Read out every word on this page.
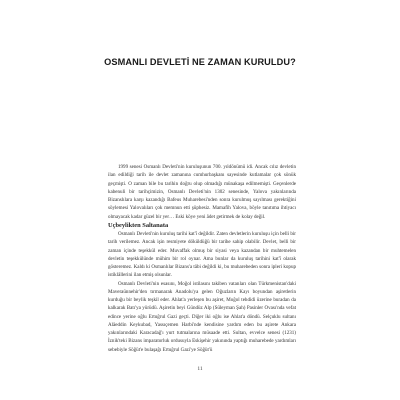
OSMANLI DEVLETİ NE ZAMAN KURULDU?

1999 senesi Osmanlı Devleti'nin kuruluşunun 700. yıldönümü idi. Ancak cılız devletin ilan edildiği tarih ile devlet zamanına cumhurbaşkanı sayesinde kutlamalar çok sönük geçmişti. O zaman bile bu tarihin doğru olup olmadığı münakaşa edilmemişti. Geçenlerde kabenuli bir tarihçimizin, Osmanlı Devleti'nin 1302 senesinde, Yalova yakınlarında Bizanslılara karşı kazandığı Bafeus Muharebesi'nden sonra kurulmuş sayılması gerektiğini söylemesi Yalovalıları çok memnun etti şüphesiz. Mamafih Yalova, böyle tanıtıma ihtiyacı olmayacak kadar güzel bir yer… Eski köye yeni âdet getirmek de kolay değil.

Uçbeylikten Saltanata

Osmanlı Devleti'nin kuruluş tarihi kat'î değildir. Zaten devletlerin kuruluşu için belli bir tarih verilemez. Ancak işin resmiyete döküldüğü bir tarihe sahip olabilir. Devlet, belli bir zaman içinde teşekkül eder. Muvaffak olmuş bir siyasi veya kazandan bir muhtemelen devletin teşekkülünde mühim bir rol oynar. Ama bunlar da kuruluş tarihini kat'î olarak gösteremez. Kaldı ki Osmanlılar Bizans'a tâbi değildi ki, bu muharebeden sonra ipleri kopup istiklâllerini ilan etmiş olsunlar.

Osmanlı Devleti'nin esasını, Moğol istilasını takiben vatanları olan Türkmenistan'daki Maveraünnehir'den tırmanarak Anadolu'ya gelen Oğuzların Kayı boyundan aşiretlerin kurduğu bir beylik teşkil eder. Ahlat'a yerleşen bu aşiret, Moğol tehdidi üzerine buradan da kalkarak Batı'ya yürüdü. Aşiretin beyi Gündüz Alp (Süleyman Şah) Pasinler Ovası'nda vefat edince yerine oğlu Ertuğrul Gazi geçti. Diğer iki oğlu ise Ahlat'a döndü. Selçuklu sultanı Alâeddin Keykubad, Yassıçemen Harbi'nde kendisine yardım eden bu aşirete Ankara yakınlarındaki Karacadağ'ı yurt tutmalarına müsaade etti. Sultan, evvelce senesi (1231) İznik'teki Bizans imparatorluk ordusuyla Eskişehir yakınında yaptığı muharebede yardımları sebebiyle Söğüt'e bulaşağı Ertuğrul Gazi'ye Söğüt'ü

11
